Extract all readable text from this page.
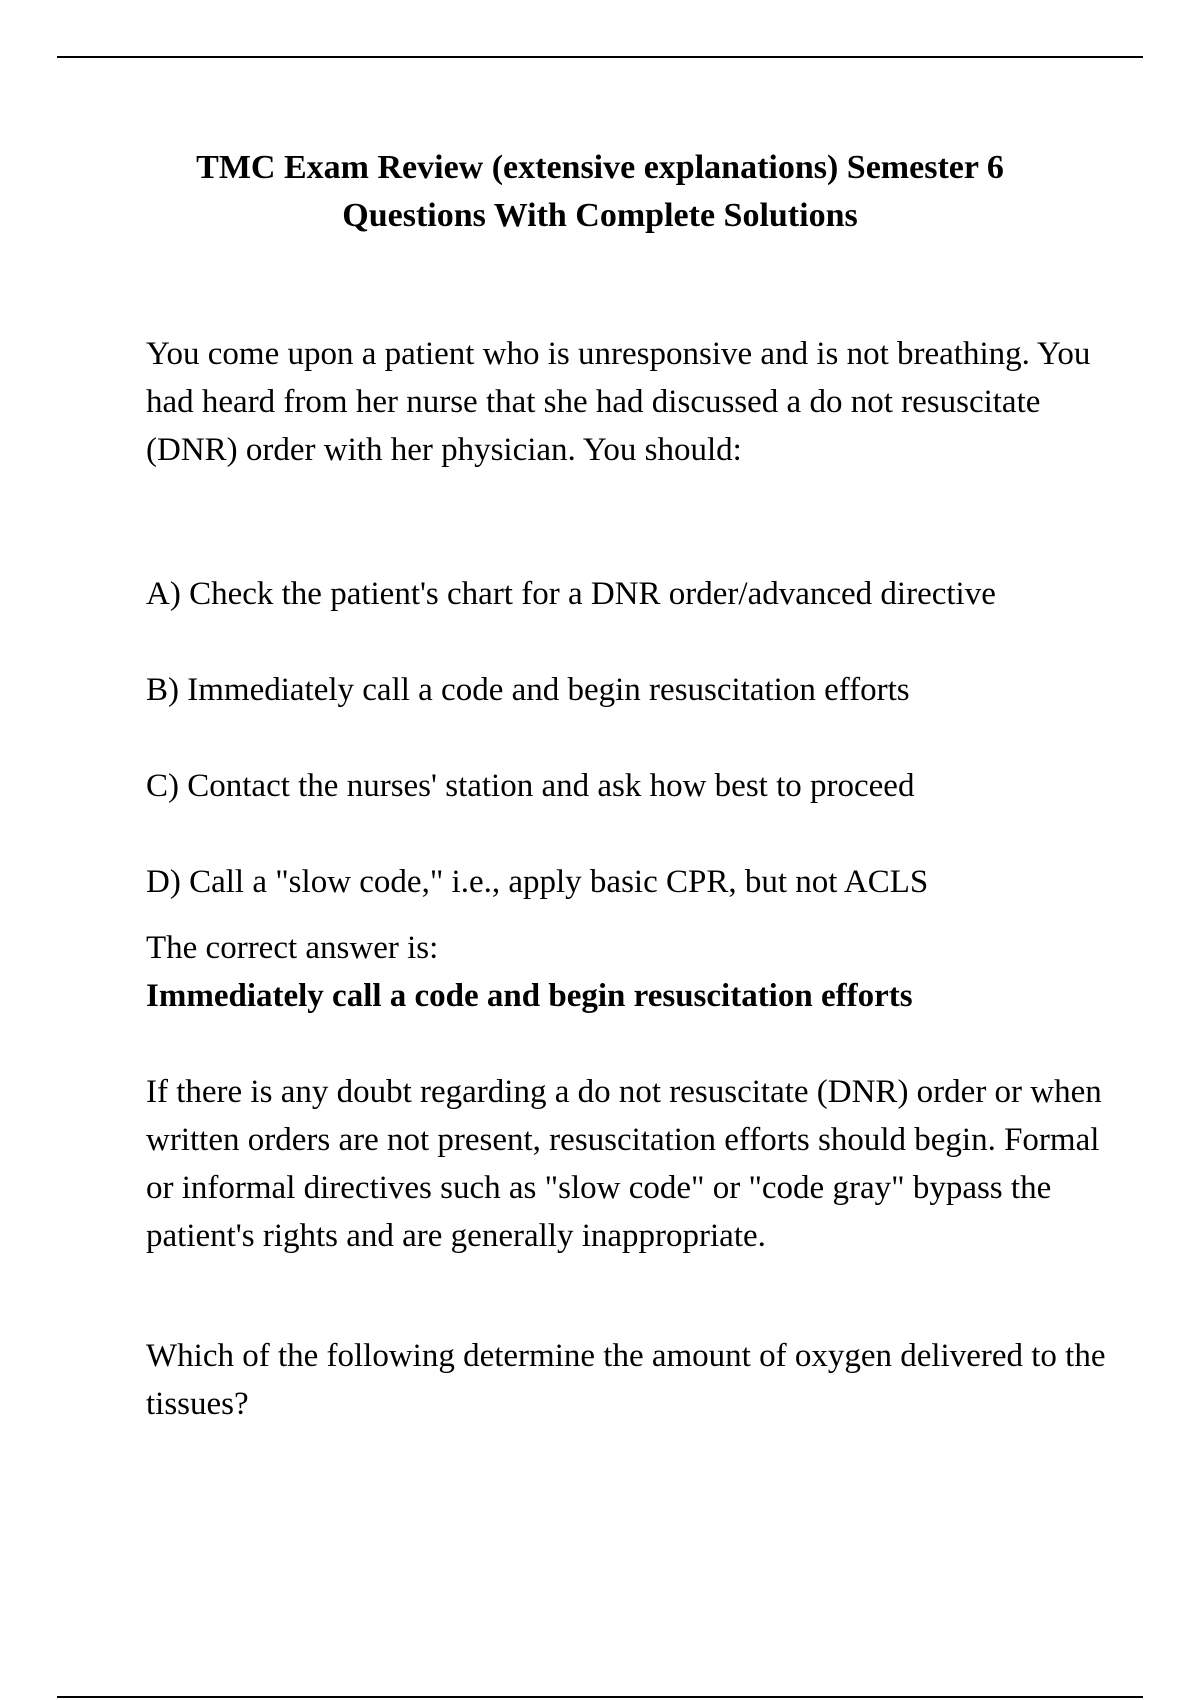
TMC Exam Review (extensive explanations) Semester 6
Questions With Complete Solutions

You come upon a patient who is unresponsive and is not breathing. You had heard from her nurse that she had discussed a do not resuscitate (DNR) order with her physician. You should:

A) Check the patient's chart for a DNR order/advanced directive

B) Immediately call a code and begin resuscitation efforts

C) Contact the nurses' station and ask how best to proceed

D) Call a "slow code," i.e., apply basic CPR, but not ACLS

The correct answer is:

Immediately call a code and begin resuscitation efforts

If there is any doubt regarding a do not resuscitate (DNR) order or when written orders are not present, resuscitation efforts should begin. Formal or informal directives such as "slow code" or "code gray" bypass the patient's rights and are generally inappropriate.

Which of the following determine the amount of oxygen delivered to the tissues?
